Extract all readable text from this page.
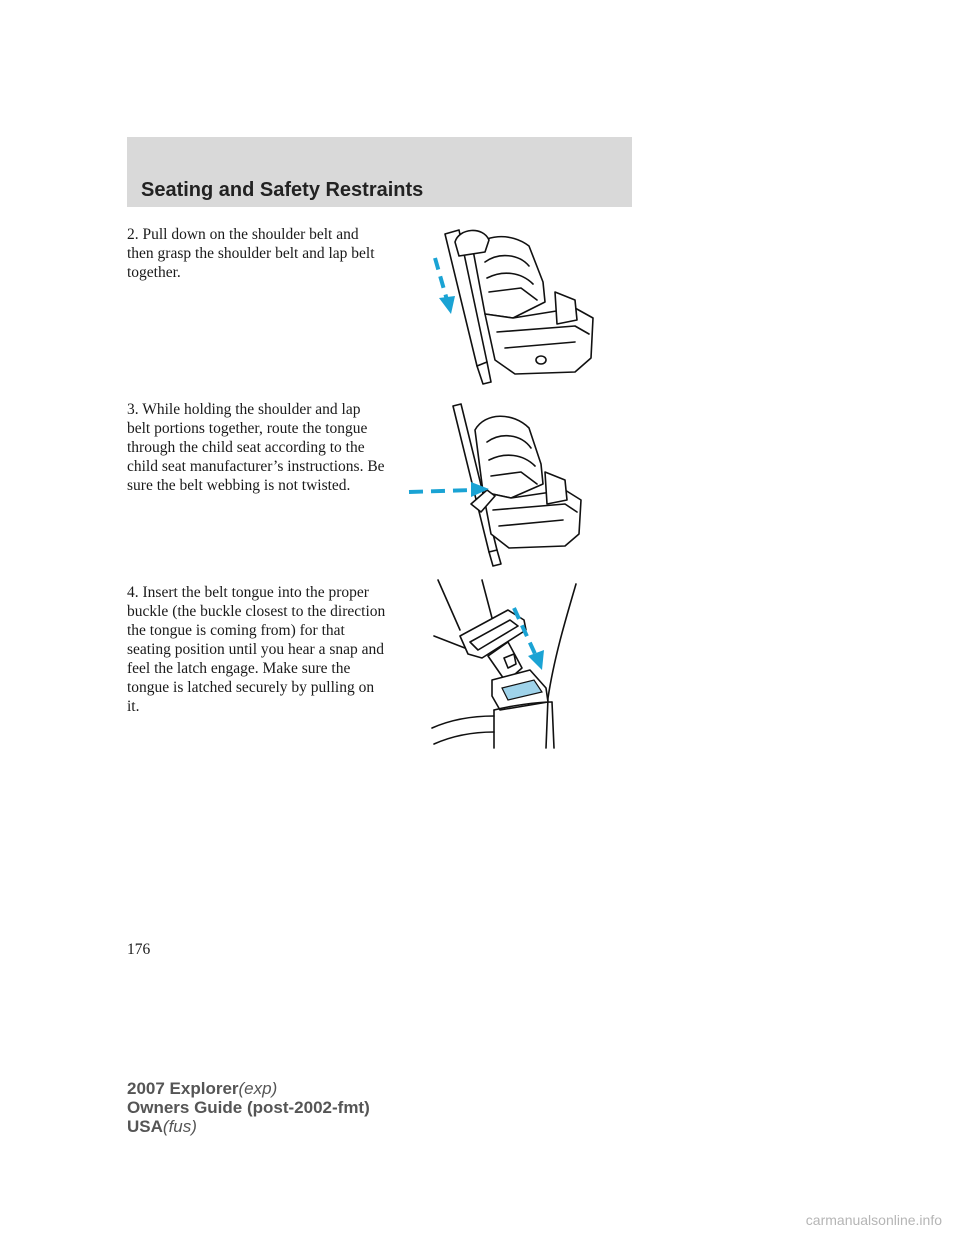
Seating and Safety Restraints

2. Pull down on the shoulder belt and then grasp the shoulder belt and lap belt together.

3. While holding the shoulder and lap belt portions together, route the tongue through the child seat according to the child seat manufacturer’s instructions. Be sure the belt webbing is not twisted.

4. Insert the belt tongue into the proper buckle (the buckle closest to the direction the tongue is coming from) for that seating position until you hear a snap and feel the latch engage. Make sure the tongue is latched securely by pulling on it.

176
2007 Explorer(exp)
Owners Guide (post-2002-fmt)
USA(fus)
carmanualsonline.info
